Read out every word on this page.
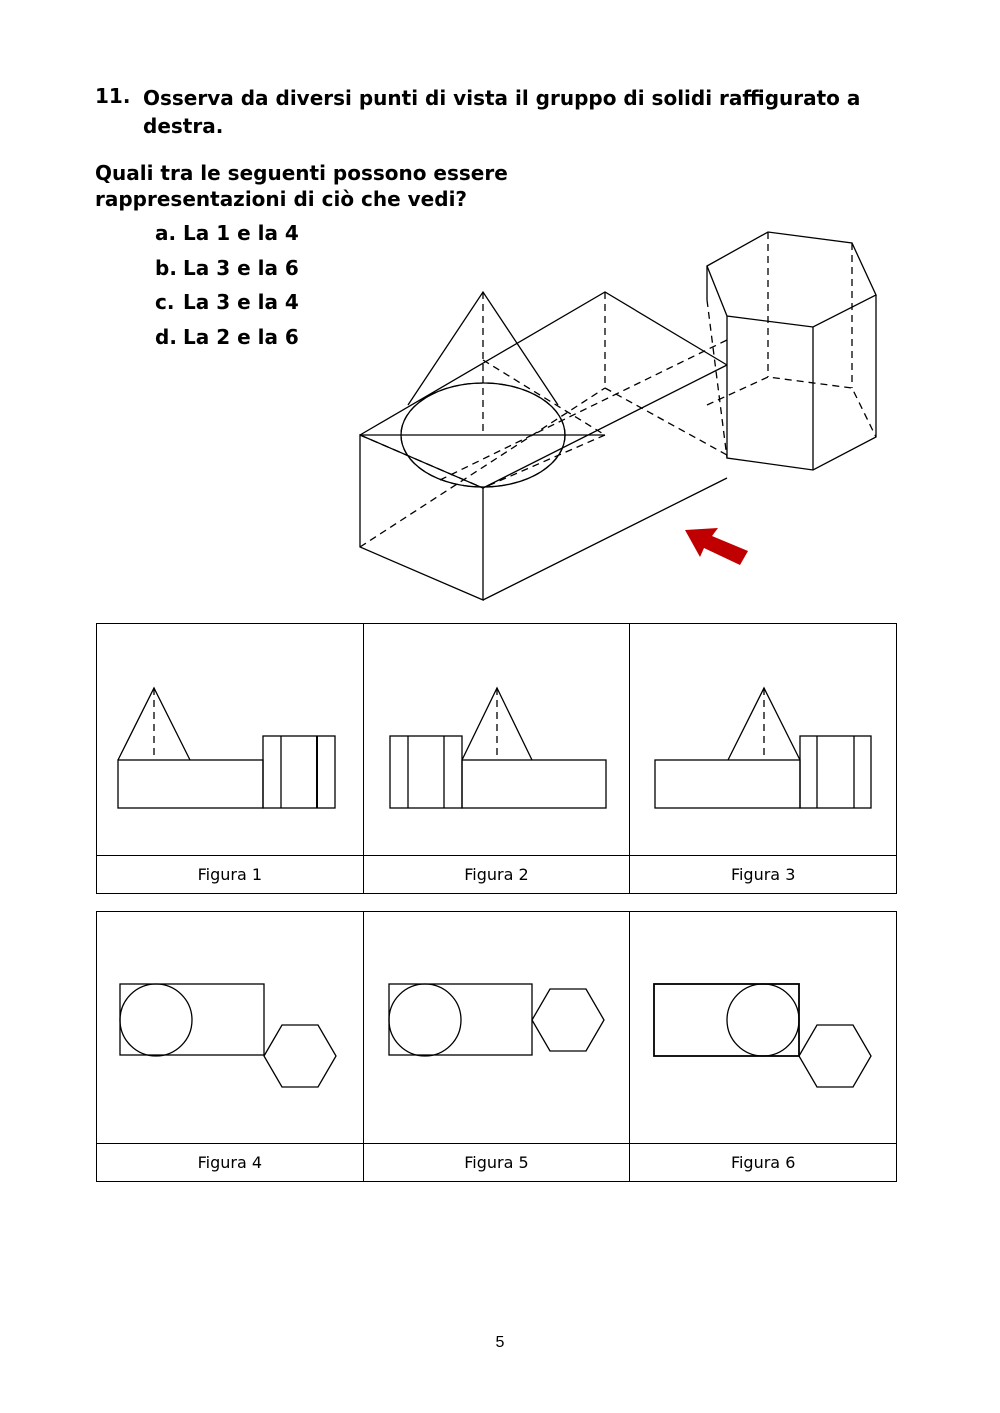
11. Osserva da diversi punti di vista il gruppo di solidi raffigurato a destra.
Quali tra le seguenti possono essere rappresentazioni di ciò che vedi?
a. La 1 e la 4
b. La 3 e la 6
c. La 3 e la 4
d. La 2 e la 6

Figura 1	Figura 2	Figura 3

Figura 4	Figura 5	Figura 6
5
